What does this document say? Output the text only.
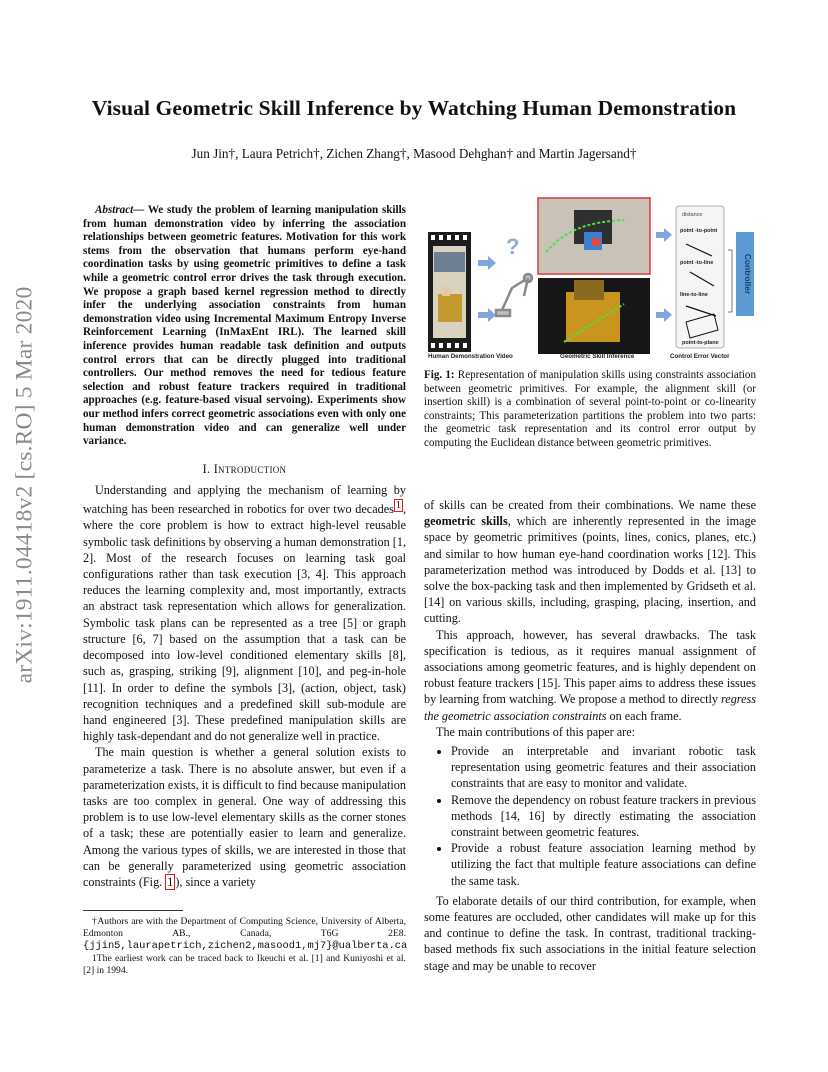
arXiv:1911.04418v2 [cs.RO] 5 Mar 2020
Visual Geometric Skill Inference by Watching Human Demonstration
Jun Jin†, Laura Petrich†, Zichen Zhang†, Masood Dehghan† and Martin Jagersand†
Abstract— We study the problem of learning manipulation skills from human demonstration video by inferring the association relationships between geometric features. Motivation for this work stems from the observation that humans perform eye-hand coordination tasks by using geometric primitives to define a task while a geometric control error drives the task through execution. We propose a graph based kernel regression method to directly infer the underlying association constraints from human demonstration video using Incremental Maximum Entropy Inverse Reinforcement Learning (InMaxEnt IRL). The learned skill inference provides human readable task definition and outputs control errors that can be directly plugged into traditional controllers. Our method removes the need for tedious feature selection and robust feature trackers required in traditional approaches (e.g. feature-based visual servoing). Experiments show our method infers correct geometric associations even with only one human demonstration video and can generalize well under variance.
I. Introduction

Understanding and applying the mechanism of learning by watching has been researched in robotics for over two decades $^1$ , where the core problem is how to extract high-level reusable symbolic task definitions by observing a human demonstration [1, 2]. Most of the research focuses on learning task goal configurations rather than task execution [3, 4]. This approach reduces the learning complexity and, most importantly, extracts an abstract task representation which allows for generalization. Symbolic task plans can be represented as a tree [5] or graph structure [6, 7] based on the assumption that a task can be decomposed into low-level conditioned elementary skills [8], such as, grasping, striking [9], alignment [10], and peg-in-hole [11]. In order to define the symbols [3], (action, object, task) recognition techniques and a predefined skill sub-module are hand engineered [3]. These predefined manipulation skills are highly task-dependant and do not generalize well in practice.

The main question is whether a general solution exists to parameterize a task. There is no absolute answer, but even if a parameterization exists, it is difficult to find because manipulation tasks are too complex in general. One way of addressing this problem is to use low-level elementary skills as the corner stones of a task; these are potentially easier to learn and generalize. Among the various types of skills, we are interested in those that can be generally parameterized using geometric association constraints (Fig. 1 ), since a variety

†Authors are with the Department of Computing Science, University of Alberta, Edmonton AB., Canada, T6G 2E8. {jjin5,laurapetrich,zichen2,masood1,mj7}@ualberta.ca

1The earliest work can be traced back to Ikeuchi et al. [1] and Kuniyoshi et al. [2] in 1994.

?
distance
point -to-point
point -to-line
line-to-line
point-to-plane
Controller
Human Demonstration Video	Geometric Skill Inference	Control Error Vector
Fig. 1: Representation of manipulation skills using constraints association between geometric primitives. For example, the alignment skill (or insertion skill) is a combination of several point-to-point or co-linearity constraints; This parameterization partitions the problem into two parts: the geometric task representation and its control error output by computing the Euclidean distance between geometric primitives.

of skills can be created from their combinations. We name these geometric skills, which are inherently represented in the image space by geometric primitives (points, lines, conics, planes, etc.) and similar to how human eye-hand coordination works [12]. This parameterization method was introduced by Dodds et al. [13] to solve the box-packing task and then implemented by Gridseth et al. [14] on various skills, including, grasping, placing, insertion, and cutting.

This approach, however, has several drawbacks. The task specification is tedious, as it requires manual assignment of associations among geometric features, and is highly dependent on robust feature trackers [15]. This paper aims to address these issues by learning from watching. We propose a method to directly regress the geometric association constraints on each frame.

The main contributions of this paper are:

• Provide an interpretable and invariant robotic task representation using geometric features and their association constraints that are easy to monitor and validate.
• Remove the dependency on robust feature trackers in previous methods [14, 16] by directly estimating the association constraint between geometric features.
• Provide a robust feature association learning method by utilizing the fact that multiple feature associations can define the same task.

To elaborate details of our third contribution, for example, when some features are occluded, other candidates will make up for this and continue to define the task. In contrast, traditional tracking-based methods fix such associations in the initial feature selection stage and may be unable to recover
